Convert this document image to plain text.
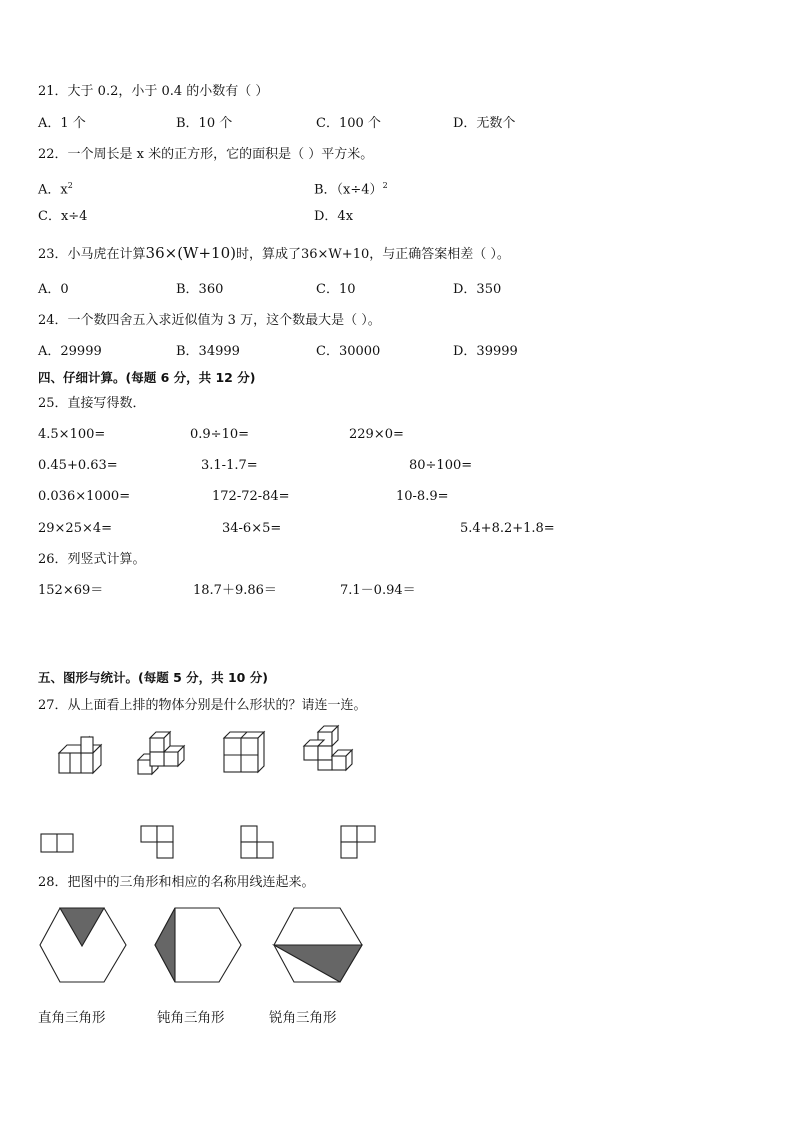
21．大于 0.2，小于 0.4 的小数有（ ）
A．1 个	B．10 个	C．100 个	D．无数个
22．一个周长是 x 米的正方形，它的面积是（ ）平方米。
A．$x^2$	B．$(x\div 4)^2$
C．x÷4	D．4x
23．小马虎在计算36×(W+10)时，算成了36×W+10，与正确答案相差（ ）。
A．0	B．360	C．10	D．350
24．一个数四舍五入求近似值为 3 万，这个数最大是（ ）。
A．29999	B．34999	C．30000	D．39999
四、仔细计算。(每题 6 分，共 12 分)
25．直接写得数．
4.5×100=	0.9÷10=	229×0=
0.45+0.63=	3.1-1.7=	80÷100=
0.036×1000=	172-72-84=	10-8.9=
29×25×4=	34-6×5=	5.4+8.2+1.8=
26．列竖式计算。
152×69＝	18.7＋9.86＝	7.1－0.94＝
五、图形与统计。(每题 5 分，共 10 分)
27．从上面看上排的物体分别是什么形状的？请连一连。
28．把图中的三角形和相应的名称用线连起来。
直角三角形	钝角三角形	锐角三角形
